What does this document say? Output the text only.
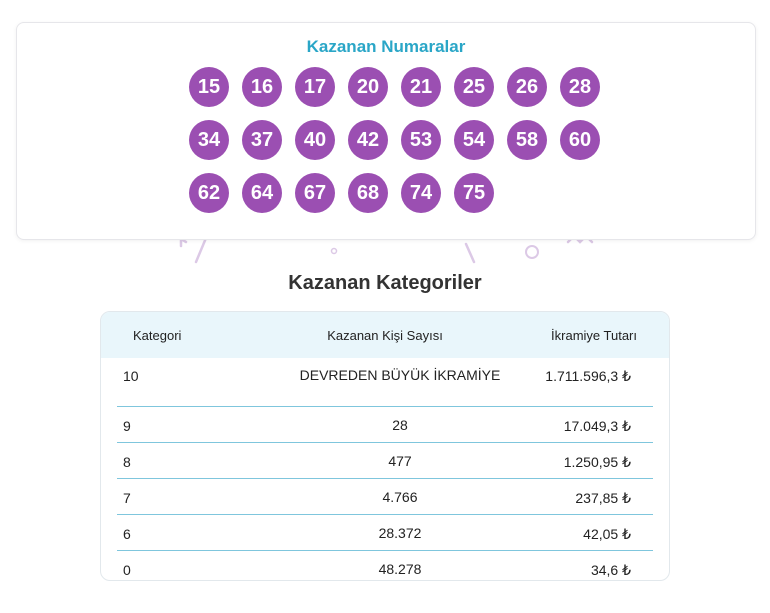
Kazanan Numaralar
15	16	17	20	21	25	26	28
34	37	40	42	53	54	58	60
62	64	67	68	74	75
Kazanan Kategoriler
Kategori	Kazanan Kişi Sayısı	İkramiye Tutarı
10	DEVREDEN BÜYÜK İKRAMİYE	1.711.596,3 ₺
9	28	17.049,3 ₺
8	477	1.250,95 ₺
7	4.766	237,85 ₺
6	28.372	42,05 ₺
0	48.278	34,6 ₺
